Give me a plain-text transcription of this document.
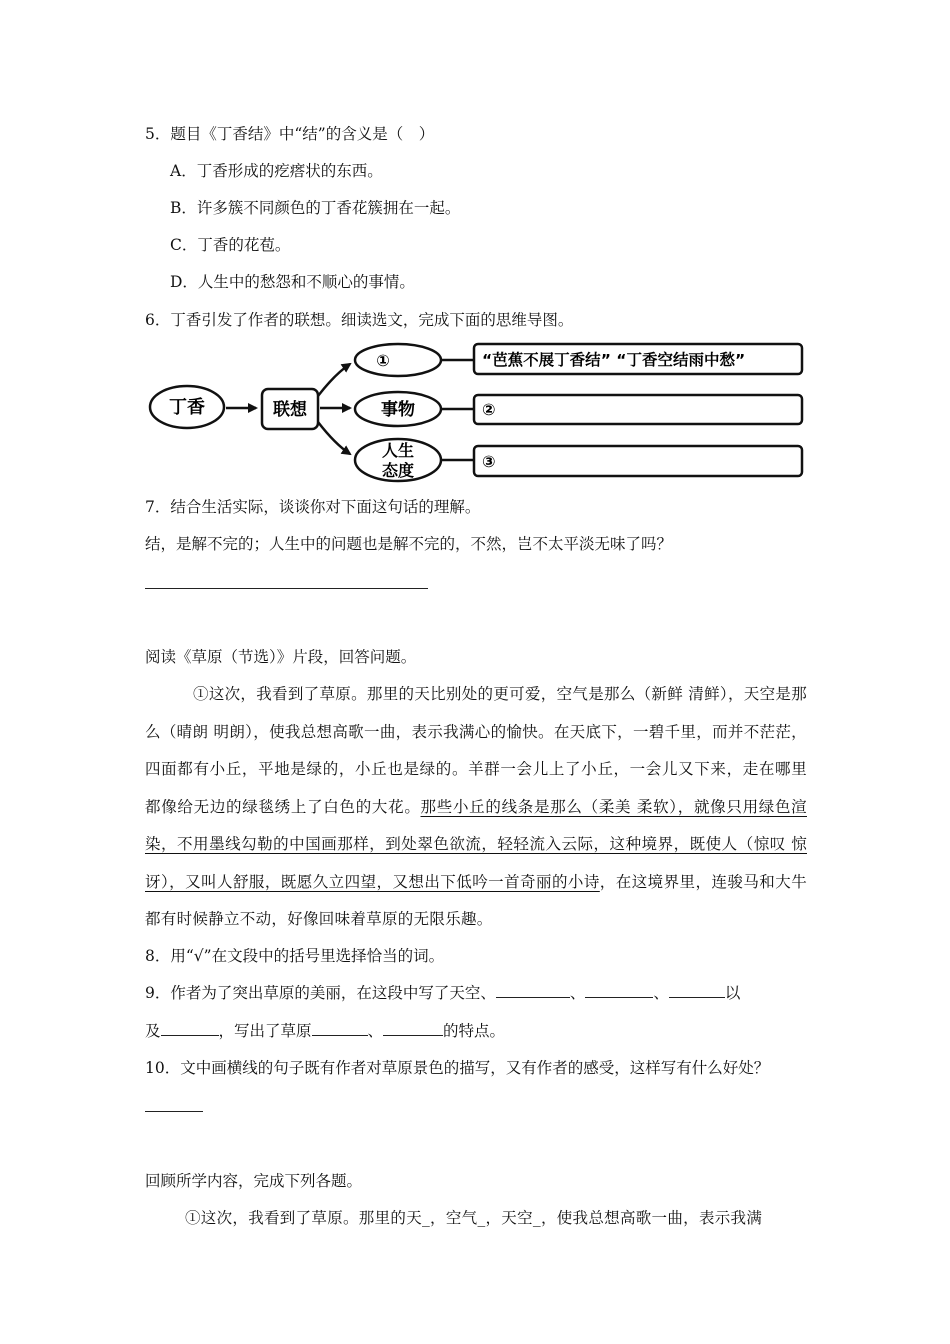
5．题目《丁香结》中“结”的含义是（　）
A．丁香形成的疙瘩状的东西。
B．许多簇不同颜色的丁香花簇拥在一起。
C．丁香的花苞。
D．人生中的愁怨和不顺心的事情。
6．丁香引发了作者的联想。细读选文，完成下面的思维导图。
丁香	联想
①
事物
人生
态度
“芭蕉不展丁香结” “丁香空结雨中愁”
②
③
7．结合生活实际，谈谈你对下面这句话的理解。
结，是解不完的；人生中的问题也是解不完的，不然，岂不太平淡无味了吗？
阅读《草原（节选）》片段，回答问题。
①这次，我看到了草原。那里的天比别处的更可爱，空气是那么（新鲜 清鲜），天空是那么（晴朗 明朗），使我总想高歌一曲，表示我满心的愉快。在天底下，一碧千里，而并不茫茫，四面都有小丘，平地是绿的，小丘也是绿的。羊群一会儿上了小丘，一会儿又下来，走在哪里都像给无边的绿毯绣上了白色的大花。那些小丘的线条是那么（柔美 柔软），就像只用绿色渲染，不用墨线勾勒的中国画那样，到处翠色欲流，轻轻流入云际，这种境界，既使人（惊叹 惊讶），又叫人舒服，既愿久立四望，又想出下低吟一首奇丽的小诗，在这境界里，连骏马和大牛都有时候静立不动，好像回味着草原的无限乐趣。
8．用“√”在文段中的括号里选择恰当的词。
9．作者为了突出草原的美丽，在这段中写了天空、	、	、	以
及	，写出了草原	、	的特点。
10．文中画横线的句子既有作者对草原景色的描写，又有作者的感受，这样写有什么好处？
回顾所学内容，完成下列各题。
①这次，我看到了草原。那里的天_，空气_，天空_，使我总想高歌一曲，表示我满
